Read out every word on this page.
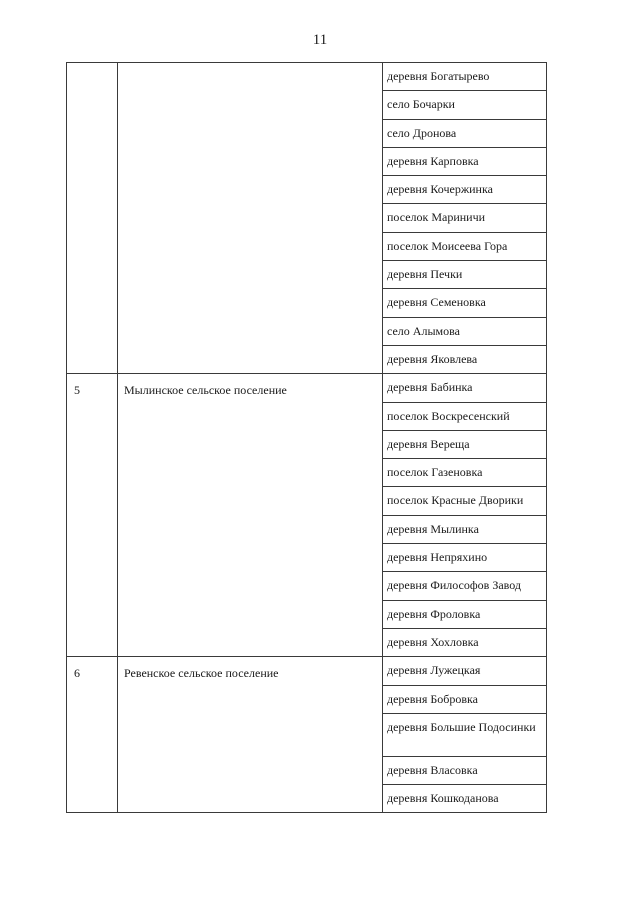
11
деревня Богатырево
село Бочарки
село Дронова
деревня Карповка
деревня Кочержинка
поселок Мариничи
поселок Моисеева Гора
деревня Печки
деревня Семеновка
село Алымова
деревня Яковлева
5	Мылинское сельское поселение	деревня Бабинка
поселок Воскресенский
деревня Вереща
поселок Газеновка
поселок Красные Дворики
деревня Мылинка
деревня Непряхино
деревня Философов Завод
деревня Фроловка
деревня Хохловка
6	Ревенское сельское поселение	деревня Лужецкая
деревня Бобровка
деревня Большие Подосинки
деревня Власовка
деревня Кошкоданова
